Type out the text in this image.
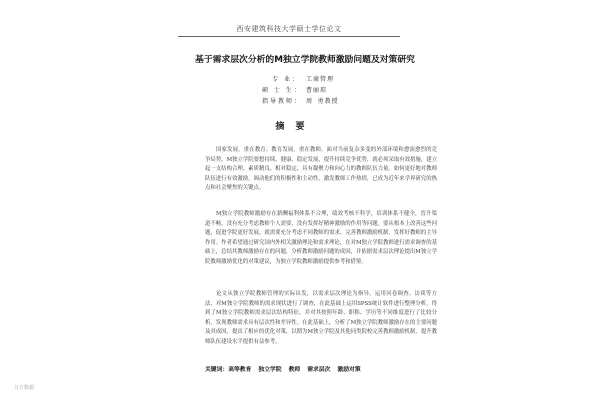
西安建筑科技大学硕士学位论文
基于需求层次分析的M独立学院教师激励问题及对策研究
专 业： 工商管理
硕 士 生： 曹丽琼
指导教师： 周 勇教授
摘 要

国家发展，重在教育；教育发展，重在教师。面对当前复杂多变的外部环境和愈演愈烈的竞争局势，M独立学院要想持续、健康、稳定发展，提升持续竞争优势，就必须采取有效措施，建立起一支结构合理、素质精良、相对稳定、具有凝聚力和向心力的教师队伍力量。如何更好地对教师队伍进行有效激励，调动他们的积极性和主动性，激发教师工作热情，已成为近年来学界研究的热点和社会聚焦的关键点。

M独立学院教师激励存在薪酬福利体系不合理，绩效考核不科学，培训体系不健全，晋升渠道不畅，没有充分考虑教师个人需要，没有发挥好精神激励的作用等问题。要从根本上改善这些问题，促进学院更好发展，就需要充分考虑不同教师的需求，完善教师激励机制，发挥好教师的主导作用。作者希望通过研究国内外相关激励理论和需求理论，在对M独立学院教师进行需求调查的基础上，总结其教师激励存在的问题，分析教师激励问题的成因，并依据需求层次理论提出M独立学院教师激励优化的对策建议，为独立学院教师激励提供参考和借鉴。

论文从独立学院教师管理的实际出发，以需求层次理论为指导，运用问卷调查、访谈等方法，对M独立学院教师的需求现状进行了调查，在此基础上运用SPSS统计软件进行整理分析，得到了M独立学院教师需求层次结构特征，并对其按照年龄、职称、学历等不同维度进行了比较分析，发现教师需求具有层次性和差异性。在此基础上，分析了M独立学院教师激励存在的主要问题及其成因，提出了相应的优化对策，以期为M独立学院及其他同类院校完善教师激励机制、提升教师队伍建设水平提供有益参考。

关键词：高等教育 独立学院 教师 需求层次 激励对策
万方数据
